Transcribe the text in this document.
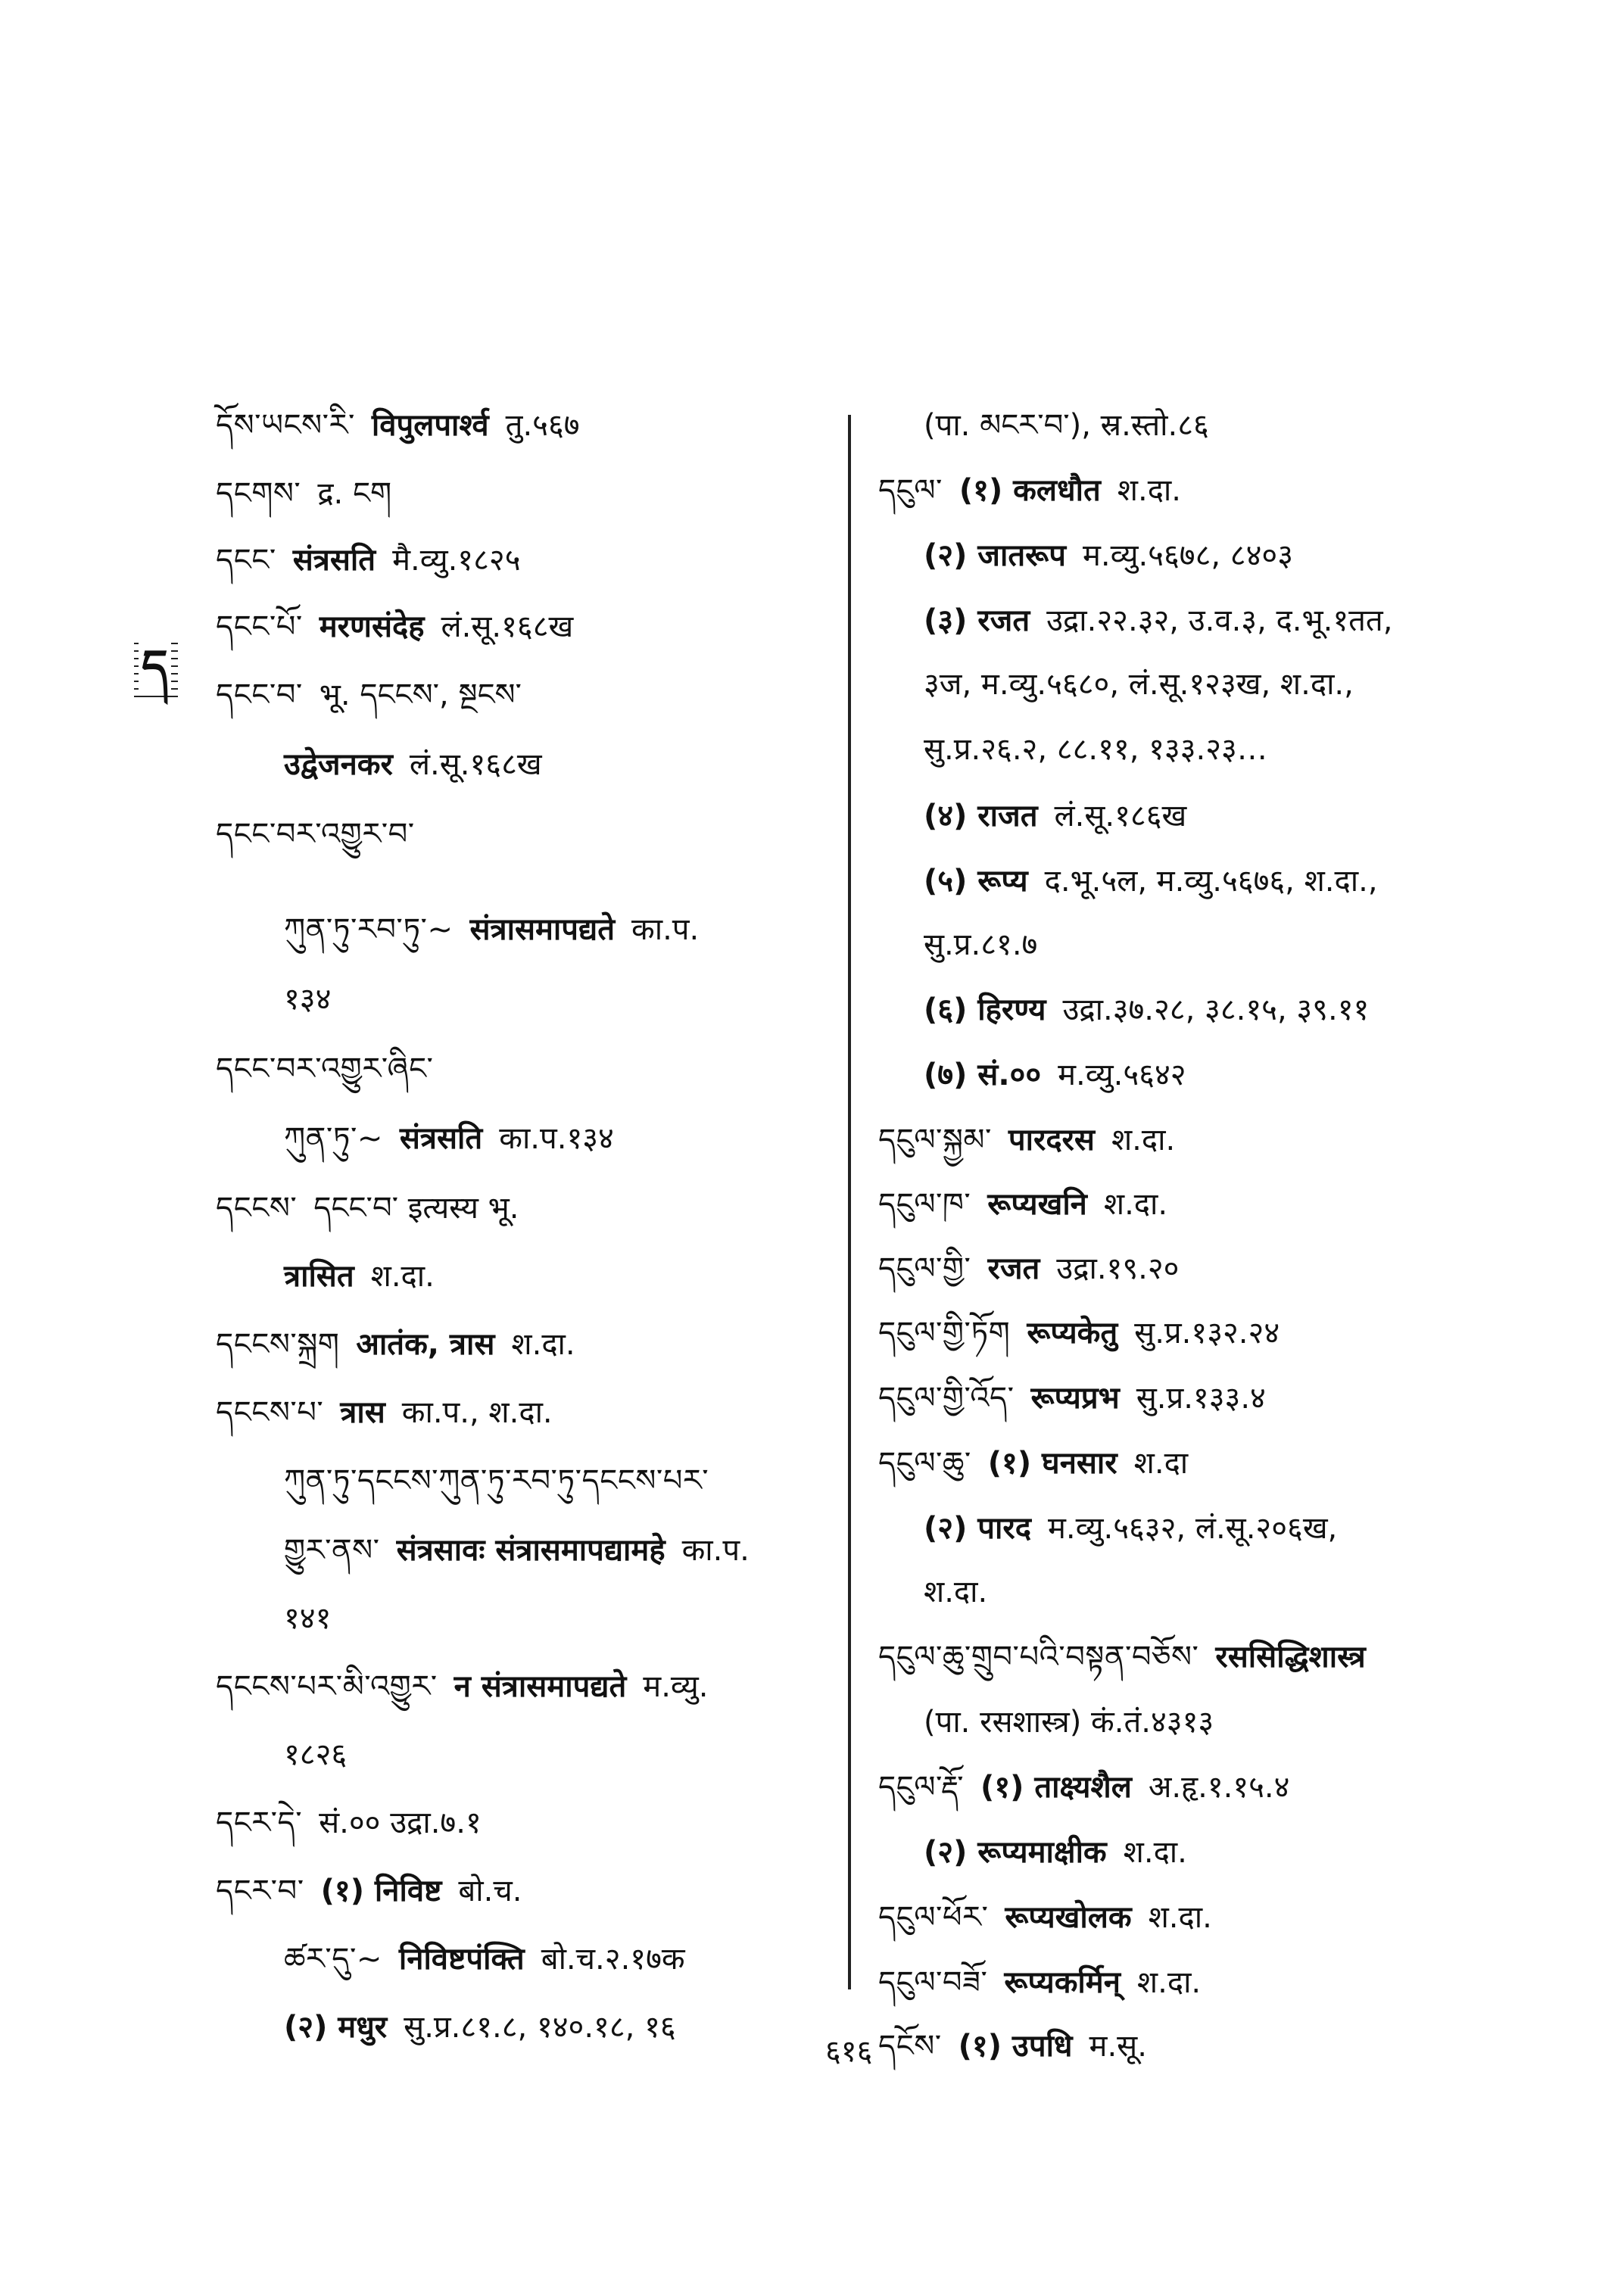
དོས་ཡངས་རི་ विपुलपार्श्व तु.५६७
དངགས་ द्र. ངག
དངང་ संत्रसति मै.व्यु.१८२५
དངང་པོ་ मरणसंदेह लं.सू.१६८ख
དངང་བ་ भू. དངངས་, སྔངས་
उद्वेजनकर लं.सू.१६८ख
དངང་བར་འགྱུར་བ་
ཀུན་ཏུ་རབ་ཏུ་~ संत्रासमापद्यते का.प.
१३४
དངང་བར་འགྱུར་ཞིང་
ཀུན་ཏུ་~ संत्रसति का.प.१३४
དངངས་ དངང་བ་ इत्यस्य भू.
त्रासित श.दा.
དངངས་སྐྲག आतंक, त्रास श.दा.
དངངས་པ་ त्रास का.प., श.दा.
ཀུན་ཏུ་དངངས་ཀུན་ཏུ་རབ་ཏུ་དངངས་པར་
གྱུར་ནས་ संत्रसावः संत्रासमापद्यामहे का.प.
१४१
དངངས་པར་མི་འགྱུར་ न संत्रासमापद्यते म.व्यु.
१८२६
དངར་དེ་ सं.०० उद्रा.७.१
དངར་བ་ (१) निविष्ट बो.च.
ཚར་དུ་~ निविष्टपंक्ति बो.च.२.१७क
(२) मधुर सु.प्र.८१.८, १४०.१८, १६
(पा. མངར་བ་), स्र.स्तो.८६
དངུལ་ (१) कलधौत श.दा.
(२) जातरूप म.व्यु.५६७८, ८४०३
(३) रजत उद्रा.२२.३२, उ.व.३, द.भू.१तत,
३ज, म.व्यु.५६८०, लं.सू.१२३ख, श.दा.,
सु.प्र.२६.२, ८८.११, १३३.२३…
(४) राजत लं.सू.१८६ख
(५) रूप्य द.भू.५ल, म.व्यु.५६७६, श.दा.,
सु.प्र.८१.७
(६) हिरण्य उद्रा.३७.२८, ३८.१५, ३९.११
(७) सं.०० म.व्यु.५६४२
དངུལ་སྐྱམ་ पारदरस श.दा.
དངུལ་ཁ་ रूप्यखनि श.दा.
དངུལ་གྱི་ रजत उद्रा.१९.२०
དངུལ་གྱི་ཏོག रूप्यकेतु सु.प्र.१३२.२४
དངུལ་གྱི་འོད་ रूप्यप्रभ सु.प्र.१३३.४
དངུལ་ཆུ་ (१) घनसार श.दा
(२) पारद म.व्यु.५६३२, लं.सू.२०६ख,
श.दा.
དངུལ་ཆུ་གྲུབ་པའི་བསྟན་བཅོས་ रससिद्धिशास्त्र
(पा. रसशास्त्र) कं.तं.४३१३
དངུལ་རྡོ་ (१) ताक्ष्यशैल अ.हृ.१.१५.४
(२) रूप्यमाक्षीक श.दा.
དངུལ་ཕོར་ रूप्यखोलक श.दा.
དངུལ་བཟོ་ रूप्यकर्मिन् श.दा.
དངོས་ (१) उपधि म.सू.
ད
६१६
